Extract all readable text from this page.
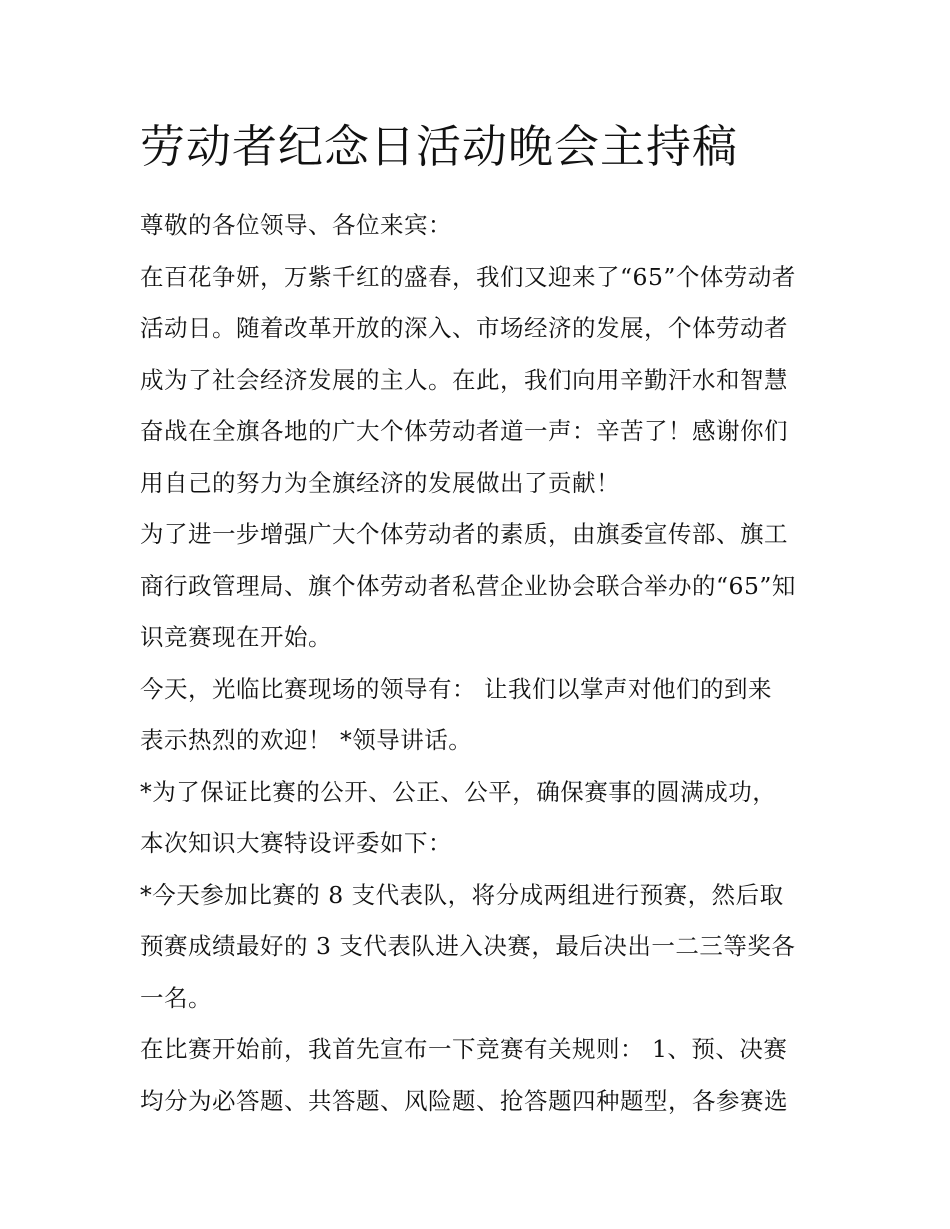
劳动者纪念日活动晚会主持稿

尊敬的各位领导、各位来宾：

在百花争妍，万紫千红的盛春，我们又迎来了“65”个体劳动者
活动日。随着改革开放的深入、市场经济的发展，个体劳动者
成为了社会经济发展的主人。在此，我们向用辛勤汗水和智慧
奋战在全旗各地的广大个体劳动者道一声：辛苦了！感谢你们
用自己的努力为全旗经济的发展做出了贡献！

为了进一步增强广大个体劳动者的素质，由旗委宣传部、旗工
商行政管理局、旗个体劳动者私营企业协会联合举办的“65”知
识竞赛现在开始。

今天，光临比赛现场的领导有： 让我们以掌声对他们的到来
表示热烈的欢迎！ *领导讲话。

*为了保证比赛的公开、公正、公平，确保赛事的圆满成功，
本次知识大赛特设评委如下：

*今天参加比赛的 8 支代表队，将分成两组进行预赛，然后取
预赛成绩最好的 3 支代表队进入决赛，最后决出一二三等奖各
一名。

在比赛开始前，我首先宣布一下竞赛有关规则： 1、预、决赛
均分为必答题、共答题、风险题、抢答题四种题型，各参赛选
